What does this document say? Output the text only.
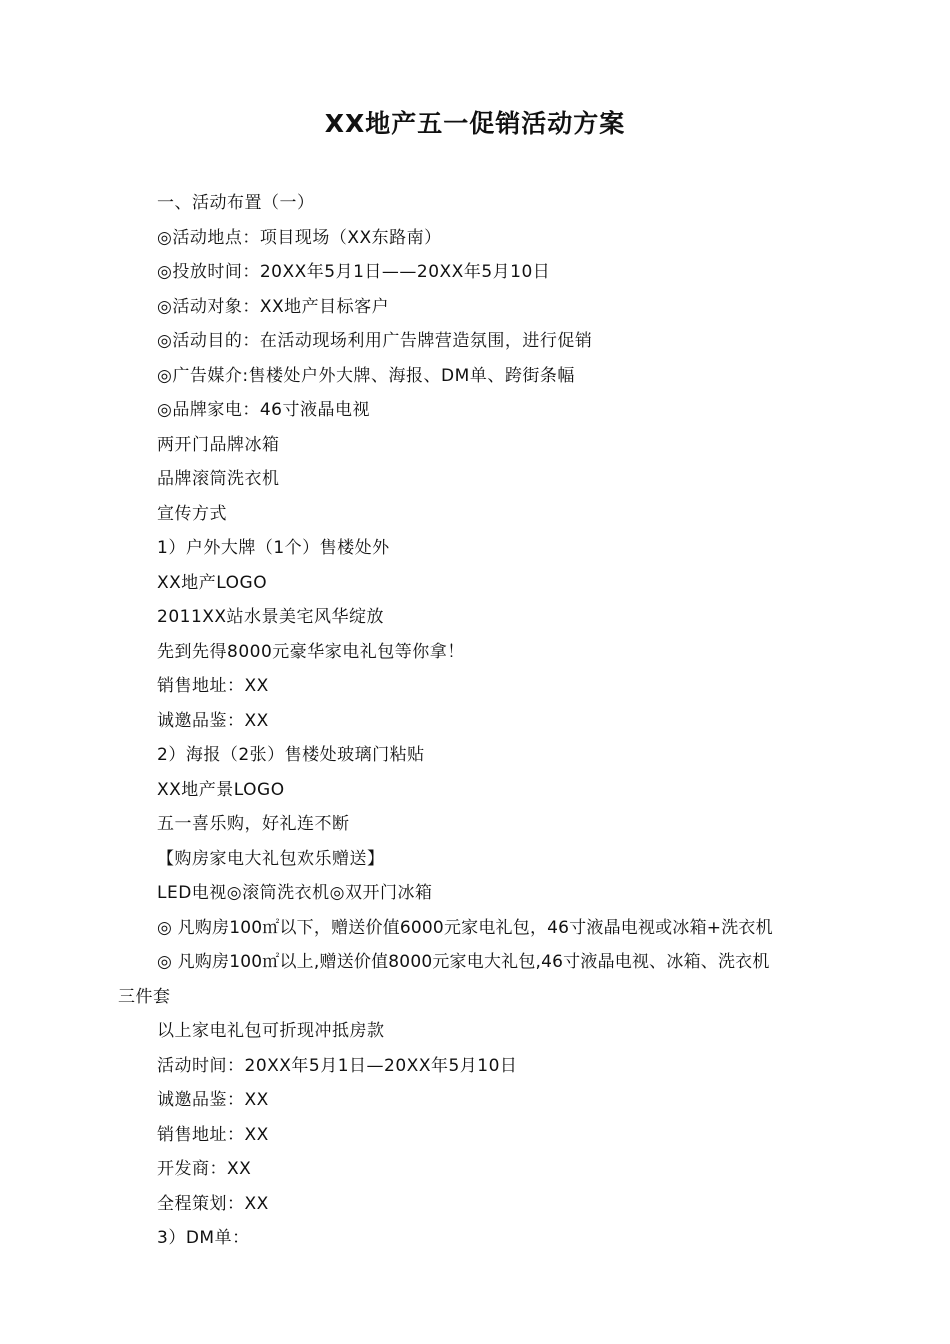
XX地产五一促销活动方案
一、活动布置（一）
◎活动地点：项目现场（XX东路南）
◎投放时间：20XX年5月1日——20XX年5月10日
◎活动对象：XX地产目标客户
◎活动目的：在活动现场利用广告牌营造氛围，进行促销
◎广告媒介:售楼处户外大牌、海报、DM单、跨街条幅
◎品牌家电：46寸液晶电视
两开门品牌冰箱
品牌滚筒洗衣机
宣传方式
1）户外大牌（1个）售楼处外
XX地产LOGO
2011XX站水景美宅风华绽放
先到先得8000元豪华家电礼包等你拿！
销售地址：XX
诚邀品鉴：XX
2）海报（2张）售楼处玻璃门粘贴
XX地产景LOGO
五一喜乐购，好礼连不断
【购房家电大礼包欢乐赠送】
LED电视◎滚筒洗衣机◎双开门冰箱
◎ 凡购房100㎡以下，赠送价值6000元家电礼包，46寸液晶电视或冰箱+洗衣机
◎ 凡购房100㎡以上,赠送价值8000元家电大礼包,46寸液晶电视、冰箱、洗衣机
三件套
以上家电礼包可折现冲抵房款
活动时间：20XX年5月1日—20XX年5月10日
诚邀品鉴：XX
销售地址：XX
开发商：XX
全程策划：XX
3）DM单：
